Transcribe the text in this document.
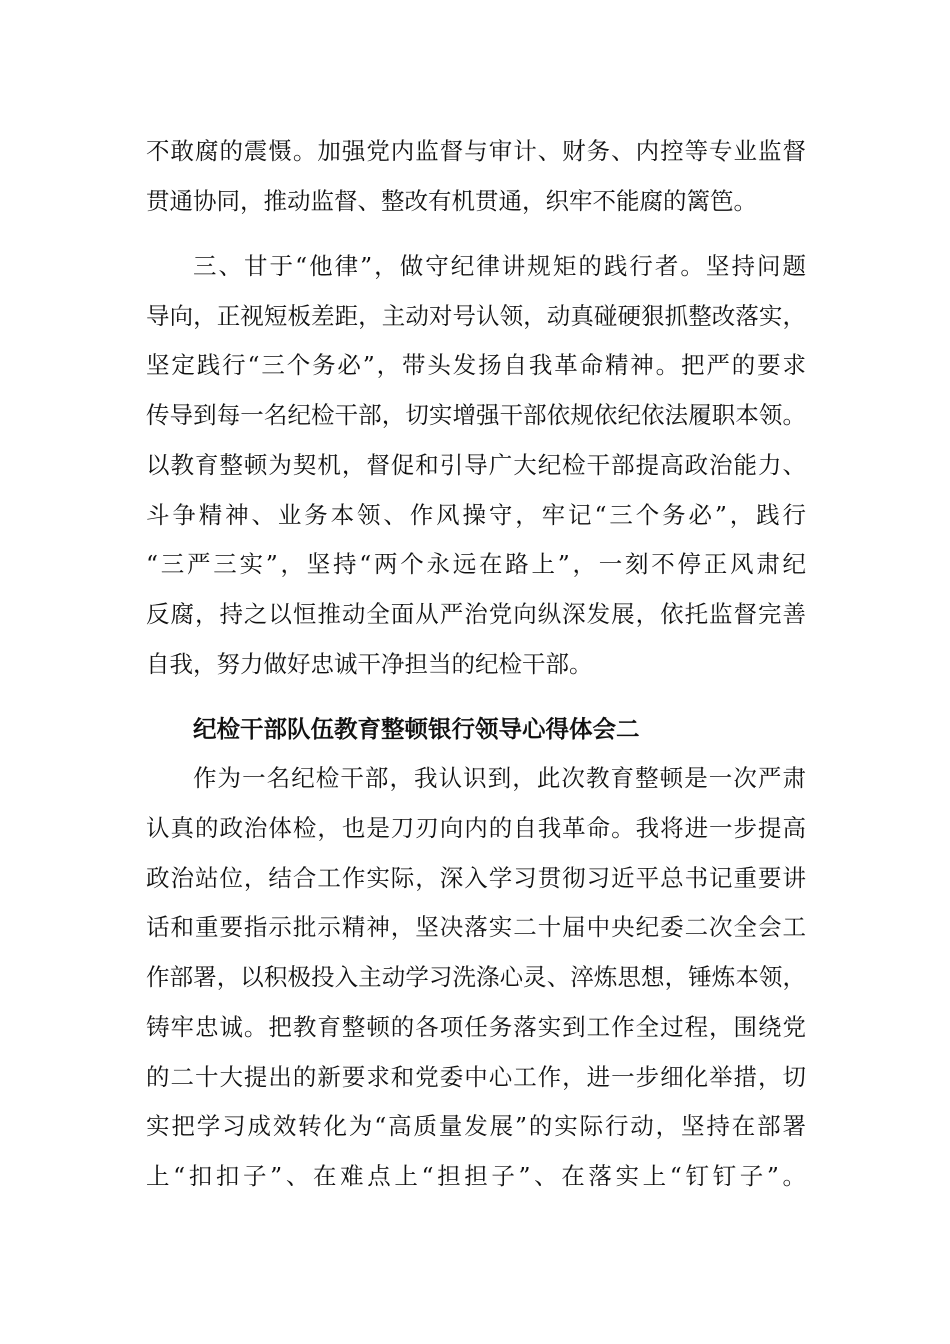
不敢腐的震慑。加强党内监督与审计、财务、内控等专业监督
贯通协同，推动监督、整改有机贯通，织牢不能腐的篱笆。
三、甘于“他律”，做守纪律讲规矩的践行者。坚持问题
导向，正视短板差距，主动对号认领，动真碰硬狠抓整改落实，
坚定践行“三个务必”，带头发扬自我革命精神。把严的要求
传导到每一名纪检干部，切实增强干部依规依纪依法履职本领。
以教育整顿为契机，督促和引导广大纪检干部提高政治能力、
斗争精神、业务本领、作风操守，牢记“三个务必”，践行
“三严三实”，坚持“两个永远在路上”，一刻不停正风肃纪
反腐，持之以恒推动全面从严治党向纵深发展，依托监督完善
自我，努力做好忠诚干净担当的纪检干部。
纪检干部队伍教育整顿银行领导心得体会二
作为一名纪检干部，我认识到，此次教育整顿是一次严肃
认真的政治体检，也是刀刃向内的自我革命。我将进一步提高
政治站位，结合工作实际，深入学习贯彻习近平总书记重要讲
话和重要指示批示精神，坚决落实二十届中央纪委二次全会工
作部署，以积极投入主动学习洗涤心灵、淬炼思想，锤炼本领，
铸牢忠诚。把教育整顿的各项任务落实到工作全过程，围绕党
的二十大提出的新要求和党委中心工作，进一步细化举措，切
实把学习成效转化为“高质量发展”的实际行动，坚持在部署
上“扣扣子”、在难点上“担担子”、在落实上“钉钉子”。
